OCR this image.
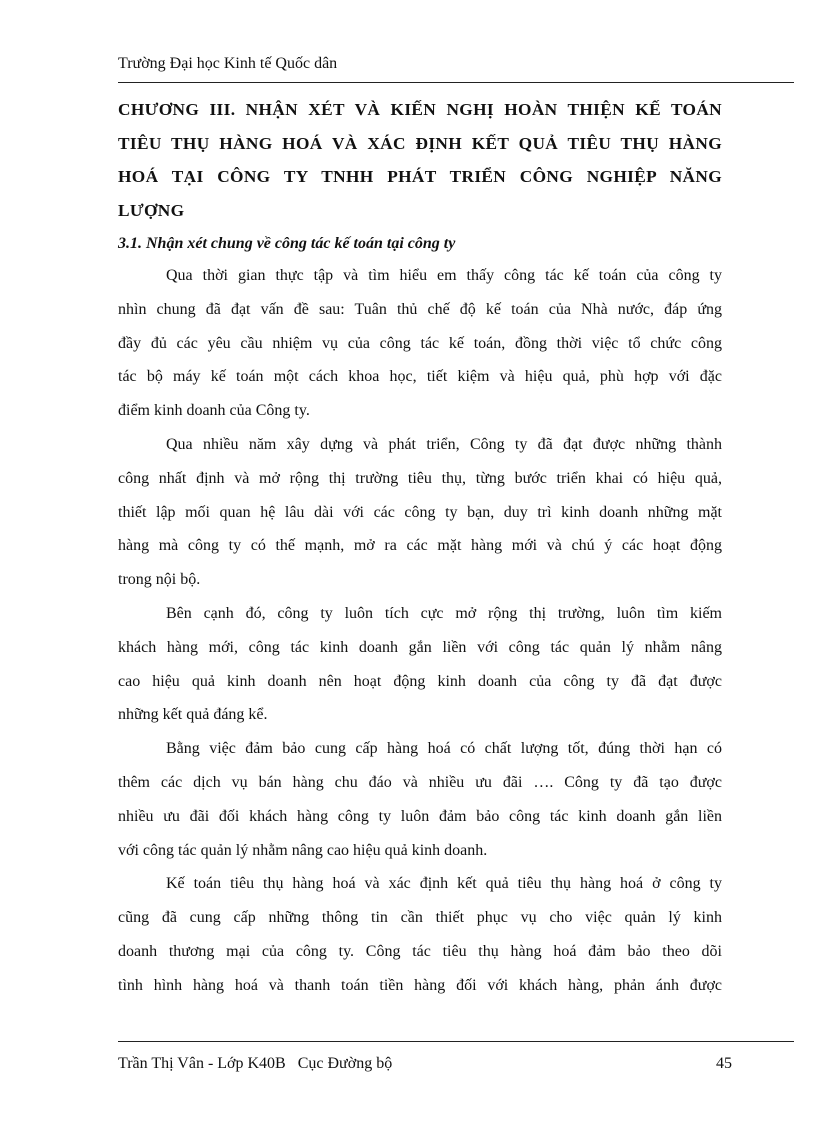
Trường Đại học Kinh tế Quốc dân
CHƯƠNG III. NHẬN XÉT VÀ KIẾN NGHỊ HOÀN THIỆN KẾ TOÁN
TIÊU THỤ HÀNG HOÁ VÀ XÁC ĐỊNH KẾT QUẢ TIÊU THỤ HÀNG
HOÁ TẠI CÔNG TY TNHH PHÁT TRIỂN CÔNG NGHIỆP NĂNG
LƯỢNG
3.1. Nhận xét chung về công tác kế toán tại công ty

Qua thời gian thực tập và tìm hiểu em thấy công tác kế toán của công ty
nhìn chung đã đạt vấn đề sau: Tuân thủ chế độ kế toán của Nhà nước, đáp ứng
đầy đủ các yêu cầu nhiệm vụ của công tác kế toán, đồng thời việc tổ chức công
tác bộ máy kế toán một cách khoa học, tiết kiệm và hiệu quả, phù hợp với đặc
điểm kinh doanh của Công ty.

Qua nhiều năm xây dựng và phát triển, Công ty đã đạt được những thành
công nhất định và mở rộng thị trường tiêu thụ, từng bước triển khai có hiệu quả,
thiết lập mối quan hệ lâu dài với các công ty bạn, duy trì kinh doanh những mặt
hàng mà công ty có thế mạnh, mở ra các mặt hàng mới và chú ý các hoạt động
trong nội bộ.

Bên cạnh đó, công ty luôn tích cực mở rộng thị trường, luôn tìm kiếm
khách hàng mới, công tác kinh doanh gắn liền với công tác quản lý nhằm nâng
cao hiệu quả kinh doanh nên hoạt động kinh doanh của công ty đã đạt được
những kết quả đáng kể.

Bằng việc đảm bảo cung cấp hàng hoá có chất lượng tốt, đúng thời hạn có
thêm các dịch vụ bán hàng chu đáo và nhiều ưu đãi …. Công ty đã tạo được
nhiều ưu đãi đối khách hàng công ty luôn đảm bảo công tác kinh doanh gắn liền
với công tác quản lý nhằm nâng cao hiệu quả kinh doanh.

Kế toán tiêu thụ hàng hoá và xác định kết quả tiêu thụ hàng hoá ở công ty
cũng đã cung cấp những thông tin cần thiết phục vụ cho việc quản lý kinh
doanh thương mại của công ty. Công tác tiêu thụ hàng hoá đảm bảo theo dõi
tình hình hàng hoá và thanh toán tiền hàng đối với khách hàng, phản ánh được

Trần Thị Vân - Lớp K40B   Cục Đường bộ	45
